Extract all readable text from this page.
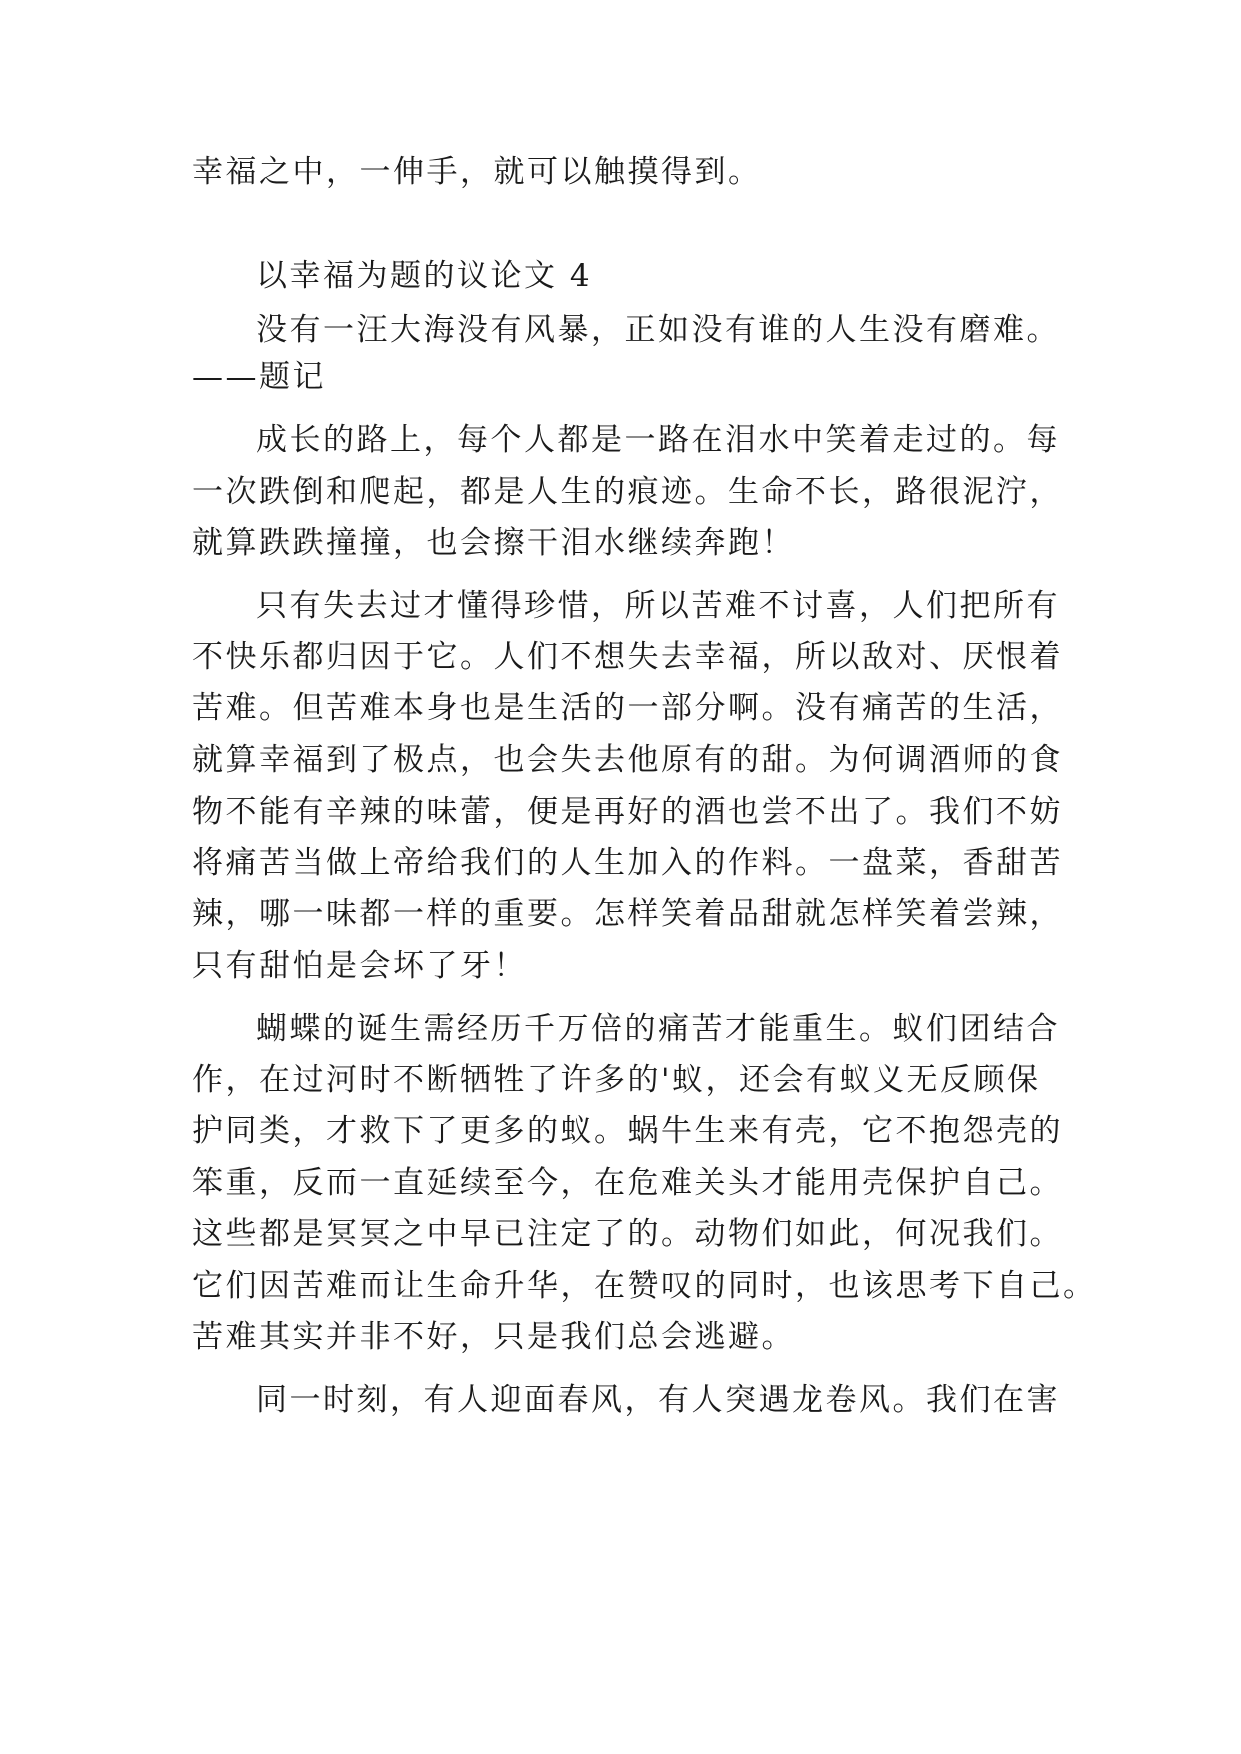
幸福之中，一伸手，就可以触摸得到。
以幸福为题的议论文 4
没有一汪大海没有风暴，正如没有谁的人生没有磨难。
——题记
成长的路上，每个人都是一路在泪水中笑着走过的。每
一次跌倒和爬起，都是人生的痕迹。生命不长，路很泥泞，
就算跌跌撞撞，也会擦干泪水继续奔跑！
只有失去过才懂得珍惜，所以苦难不讨喜，人们把所有
不快乐都归因于它。人们不想失去幸福，所以敌对、厌恨着
苦难。但苦难本身也是生活的一部分啊。没有痛苦的生活，
就算幸福到了极点，也会失去他原有的甜。为何调酒师的食
物不能有辛辣的味蕾，便是再好的酒也尝不出了。我们不妨
将痛苦当做上帝给我们的人生加入的作料。一盘菜，香甜苦
辣，哪一味都一样的重要。怎样笑着品甜就怎样笑着尝辣，
只有甜怕是会坏了牙！
蝴蝶的诞生需经历千万倍的痛苦才能重生。蚁们团结合
作，在过河时不断牺牲了许多的'蚁，还会有蚁义无反顾保
护同类，才救下了更多的蚁。蜗牛生来有壳，它不抱怨壳的
笨重，反而一直延续至今，在危难关头才能用壳保护自己。
这些都是冥冥之中早已注定了的。动物们如此，何况我们。
它们因苦难而让生命升华，在赞叹的同时，也该思考下自己。
苦难其实并非不好，只是我们总会逃避。
同一时刻，有人迎面春风，有人突遇龙卷风。我们在害
